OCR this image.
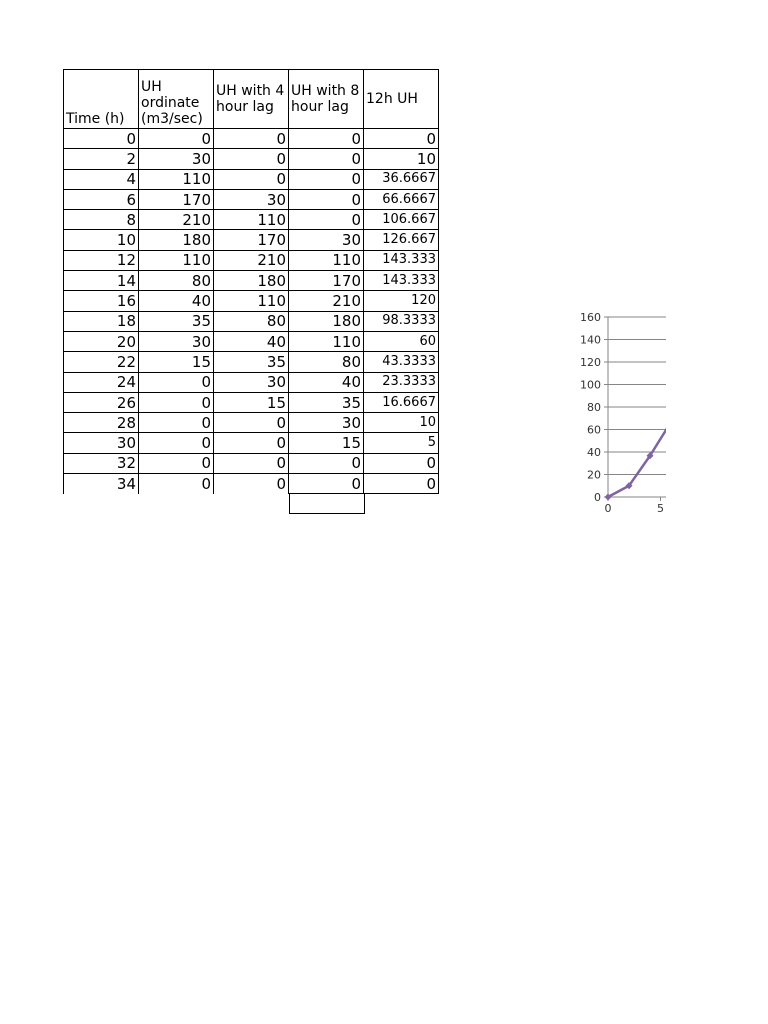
Time (h)	UH ordinate (m3/sec)	UH with 4 hour lag	UH with 8 hour lag	12h UH
0	0	0	0	0
2	30	0	0	10
4	110	0	0	36.6667
6	170	30	0	66.6667
8	210	110	0	106.667
10	180	170	30	126.667
12	110	210	110	143.333
14	80	180	170	143.333
16	40	110	210	120
18	35	80	180	98.3333
20	30	40	110	60
22	15	35	80	43.3333
24	0	30	40	23.3333
26	0	15	35	16.6667
28	0	0	30	10
30	0	0	15	5
32	0	0	0	0
34	0	0	0	0
0
20
40
60
80
100
120
140
160
0	5
